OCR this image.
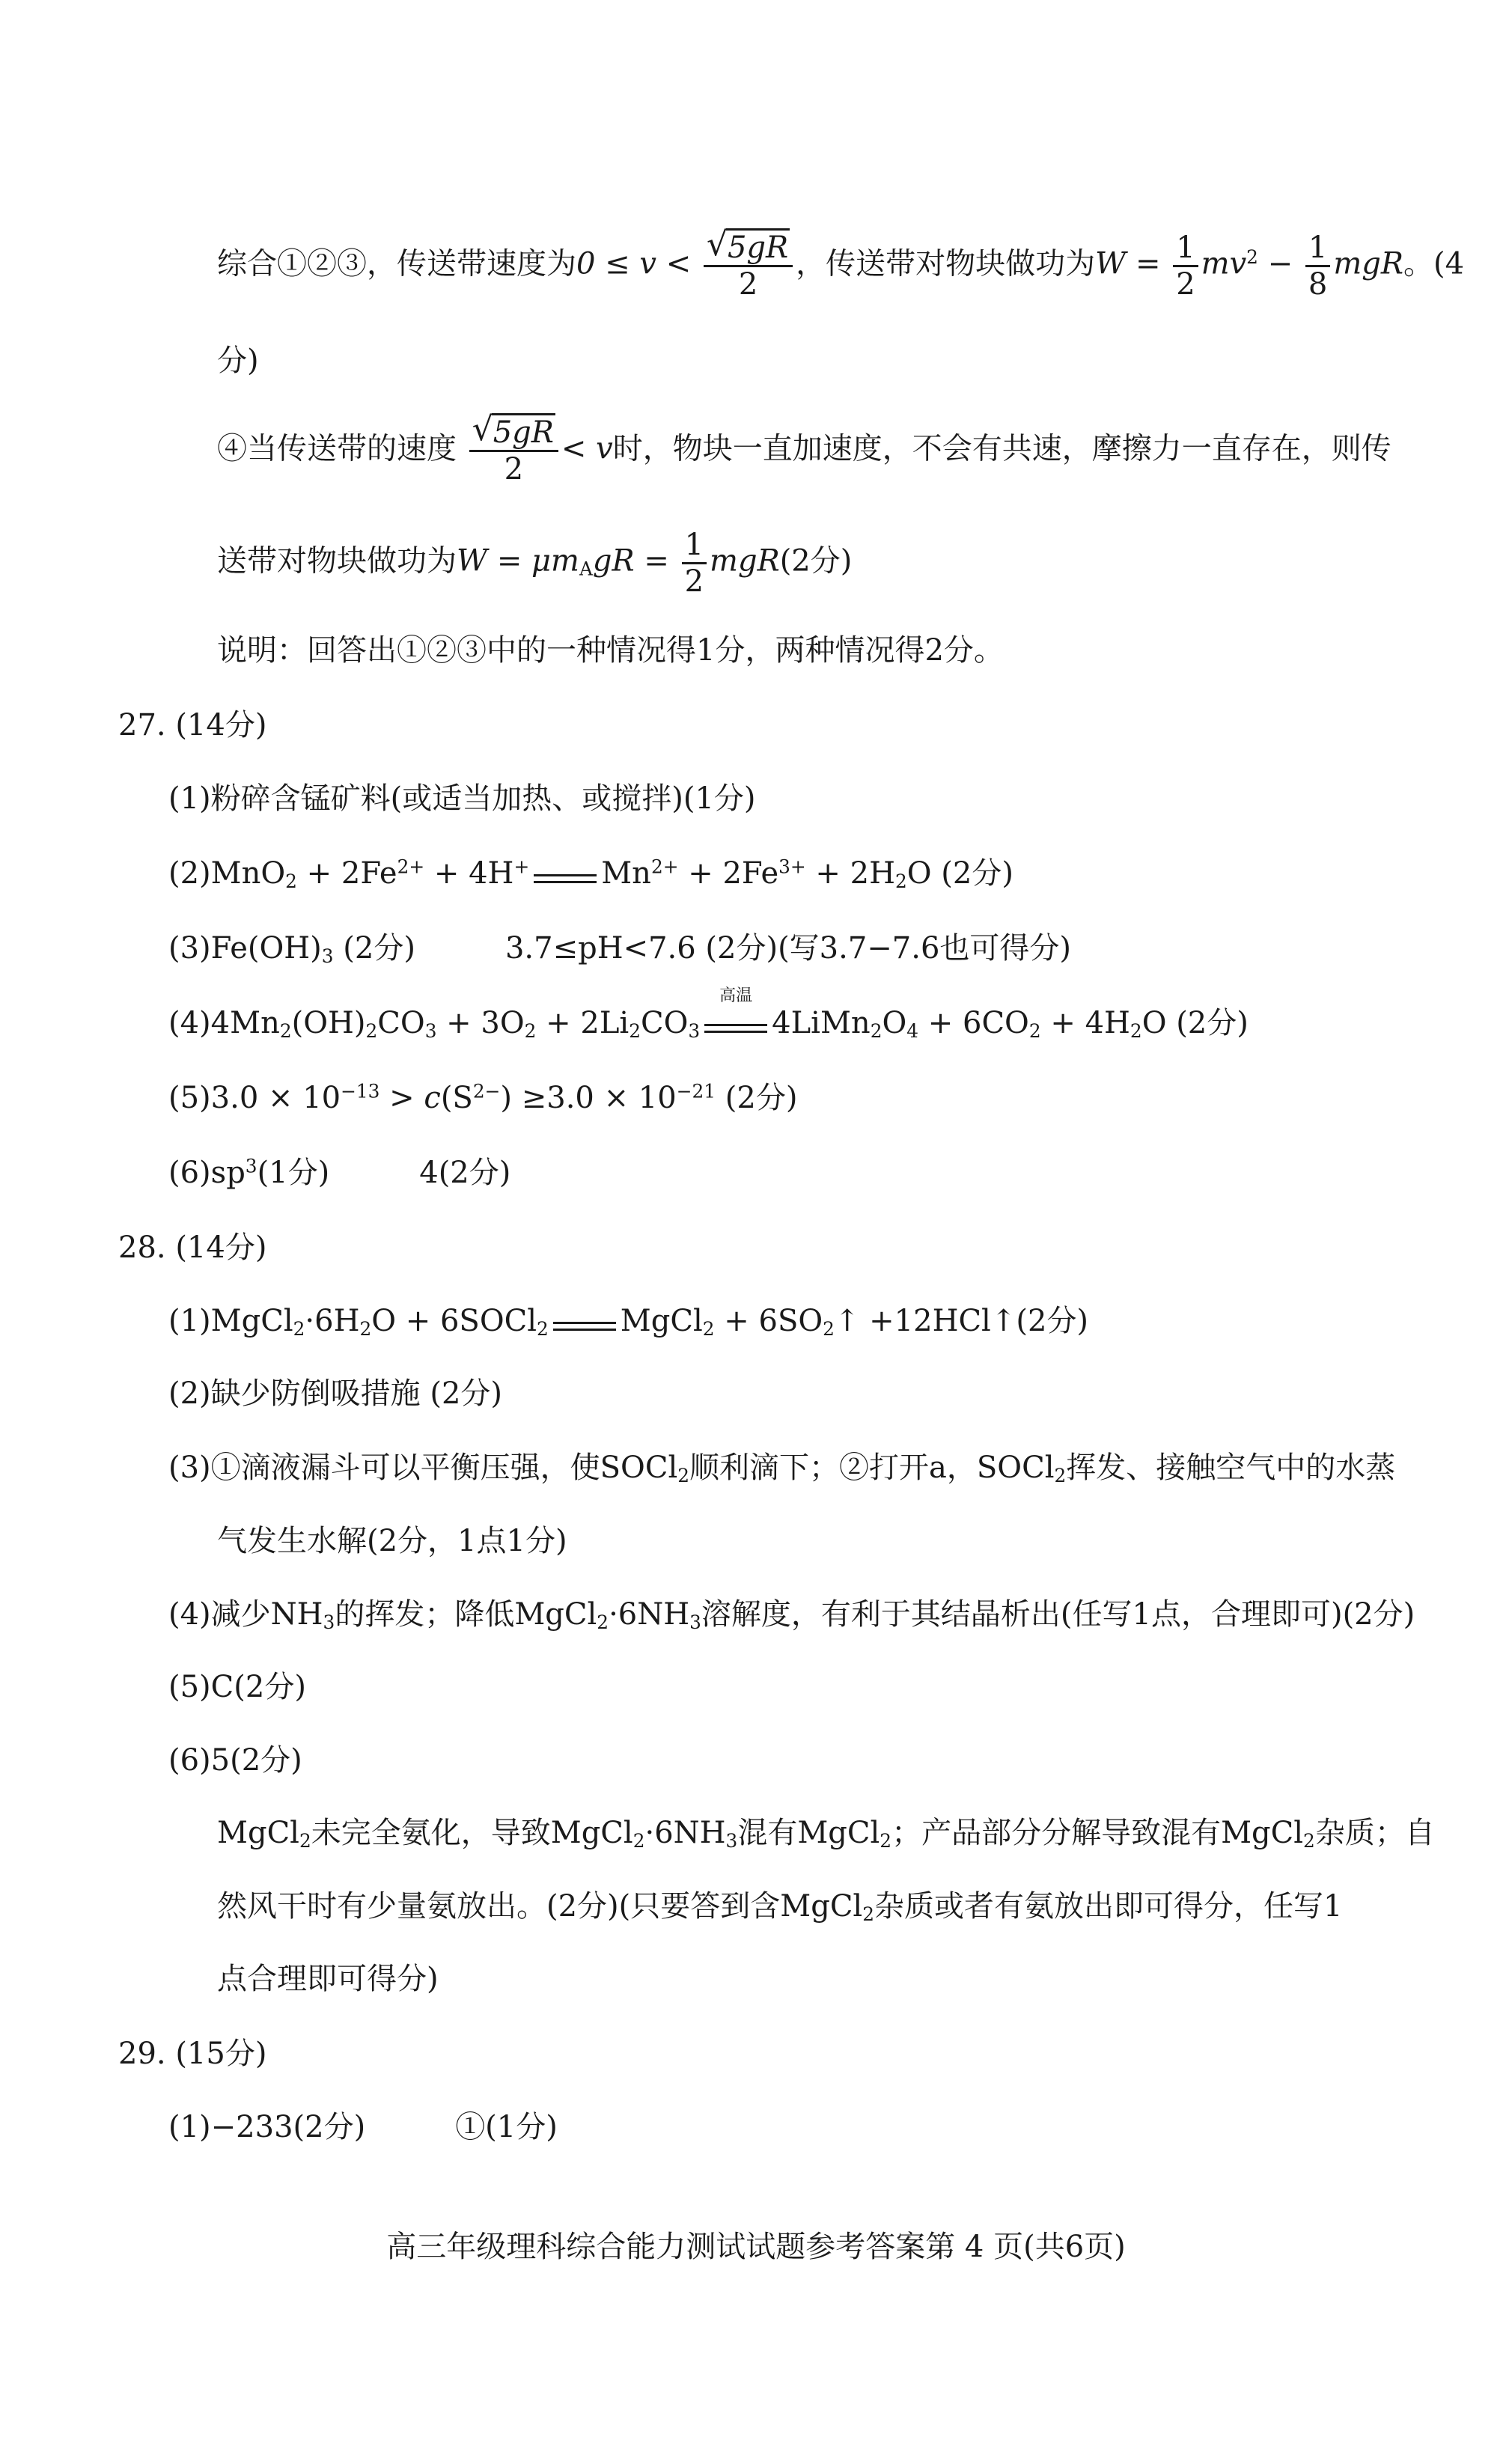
综合①②③，传送带速度为$0 \le v < \frac{√ 5gR}{2}$ ，传送带对物块做功为$W = \frac{1}{2} mv^2 - \frac{1}{8}$ mgR。(4
分)
④当传送带的速度 $\frac{√ 5gR}{2} < v$时，物块一直加速度，不会有共速，摩擦力一直存在，则传
送带对物块做功为$W = \mu m_AgR = \frac{1}{2} mgR(2$分)
说明：回答出①②③中的一种情况得1分，两种情况得2分。
27. (14分)
(1)粉碎含锰矿料(或适当加热、或搅拌)(1分)
$(2)MnO_2 + 2Fe^{2+} + 4H^+$ $Mn^{2+} + 2Fe^{3+} + 2H_2O$ (2分)
$(3)Fe(OH)_3$ (2分)	3.7≤pH<7.6 (2分)(写3.7−7.6也可得分)
$(4)4Mn_2(OH)_2CO_3 + 3O_2 + 2Li_2CO_3$
高温
$4LiMn_2O_4 + 6CO_2 + 4H_2O$ (2分)
$(5)3.0 \times 10^{-13} > c(S^{2-}) \ge 3.0 \times 10^{-21}$ (2分)
$(6)sp^3(1$分)	4(2分)
28. (14分)
$(1)MgCl_2\cdot 6H_2O$ + 6SOCl$_2$ MgCl$_2$ + $6SO_2↑$ +12HCl↑(2分)
(2)缺少防倒吸措施 (2分)
(3)①滴液漏斗可以平衡压强，使SOCl$_2$顺利滴下；②打开a，SOCl$_2$挥发、接触空气中的水蒸
气发生水解(2分，1点1分)
(4)减少$NH_3$的挥发；降低$MgCl_2\cdot 6NH_3$溶解度，有利于其结晶析出(任写1点，合理即可)(2分)
(5)C(2分)
(6)5(2分)
MgCl$_2$未完全氨化，导致$MgCl_2\cdot 6NH_3$混有MgCl$_2$；产品部分分解导致混有MgCl$_2$杂质；自
然风干时有少量氨放出。(2分)(只要答到含MgCl$_2$杂质或者有氨放出即可得分，任写1
点合理即可得分)
29. (15分)
(1)−233(2分)	①(1分)
高三年级理科综合能力测试试题参考答案第 4 页(共6页)
